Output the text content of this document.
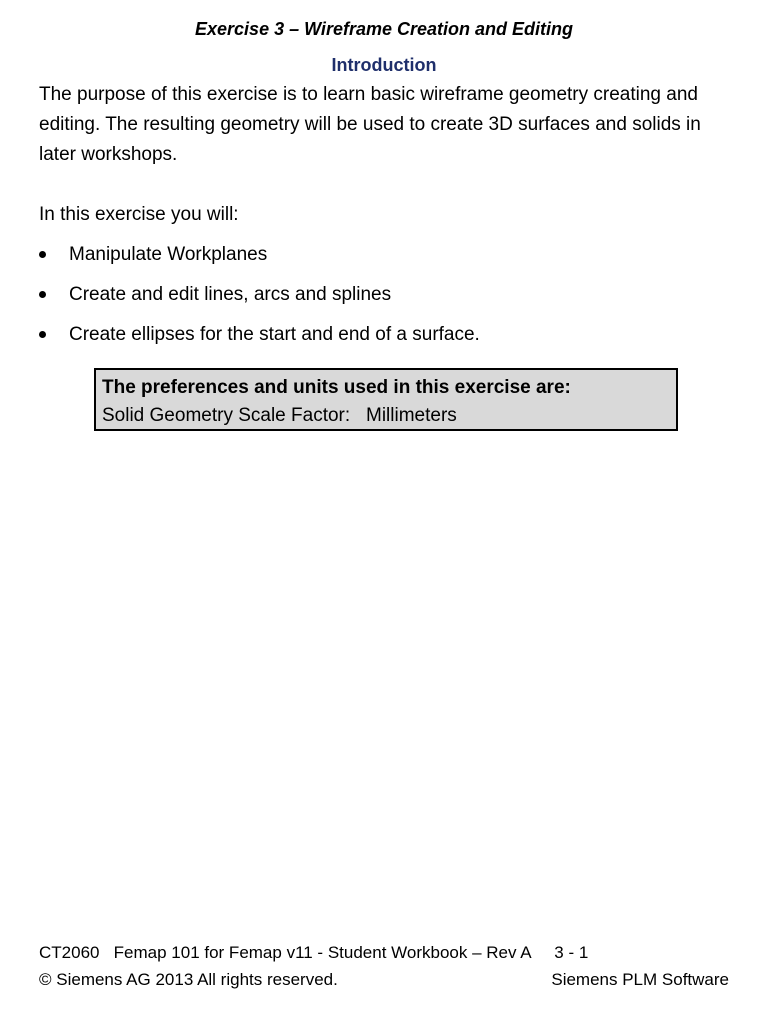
Exercise 3 – Wireframe Creation and Editing
Introduction

The purpose of this exercise is to learn basic wireframe geometry creating and editing. The resulting geometry will be used to create 3D surfaces and solids in later workshops.

In this exercise you will:

Manipulate Workplanes
Create and edit lines, arcs and splines
Create ellipses for the start and end of a surface.
The preferences and units used in this exercise are:
Solid Geometry Scale Factor:   Millimeters
CT2060   Femap 101 for Femap v11 - Student Workbook – Rev A     3 - 1
© Siemens AG 2013 All rights reserved.	Siemens PLM Software
